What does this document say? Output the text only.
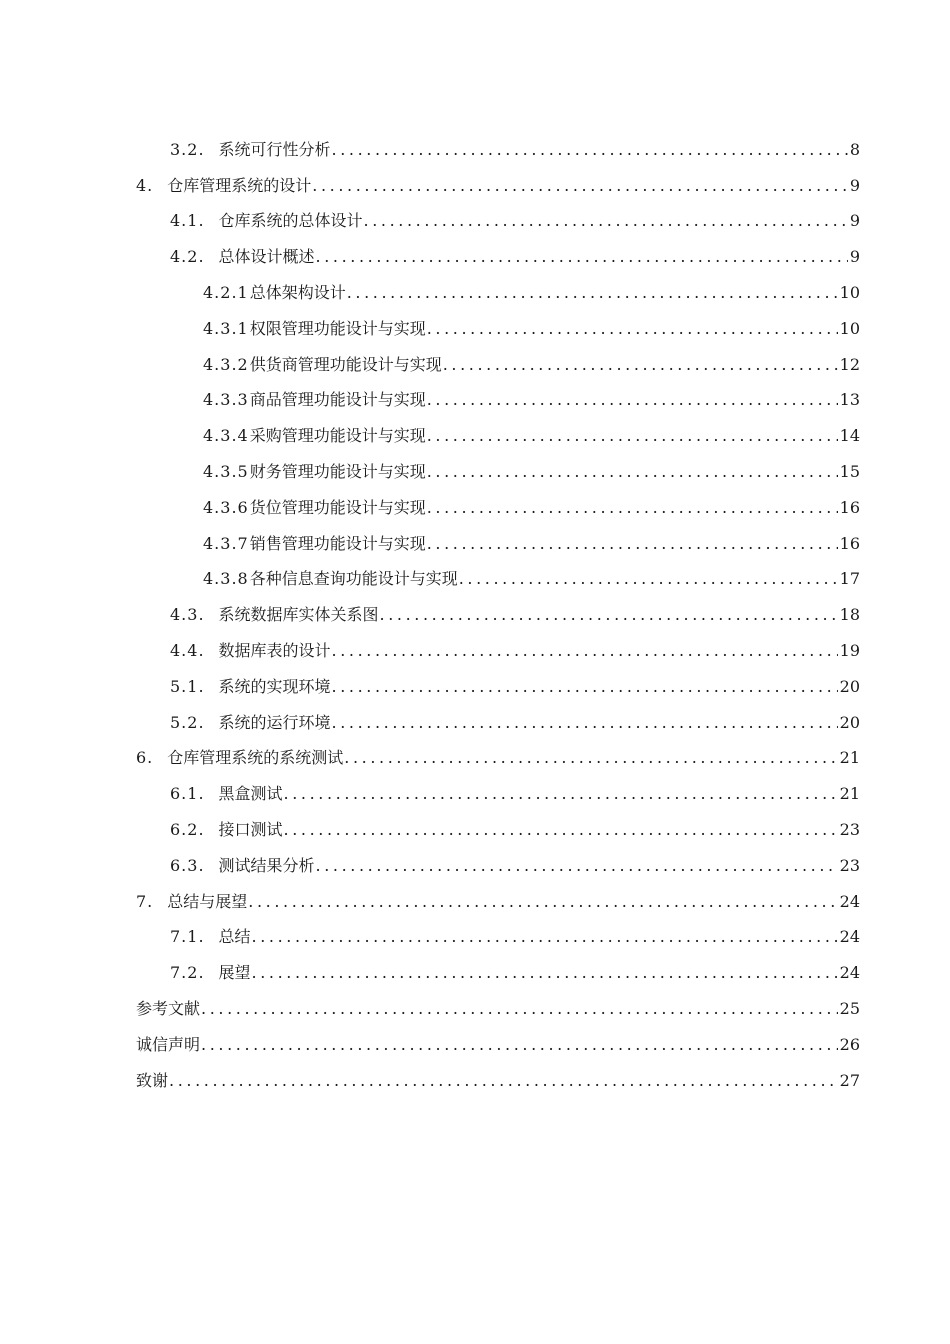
3.2. 系统可行性分析 .....	8
4. 仓库管理系统的设计 .....	9
4.1. 仓库系统的总体设计 .....	9
4.2. 总体设计概述 .....	9
4.2.1 总体架构设计 .....	10
4.3.1 权限管理功能设计与实现 .....	10
4.3.2 供货商管理功能设计与实现 .....	12
4.3.3 商品管理功能设计与实现 .....	13
4.3.4 采购管理功能设计与实现 .....	14
4.3.5 财务管理功能设计与实现 .....	15
4.3.6 货位管理功能设计与实现 .....	16
4.3.7 销售管理功能设计与实现 .....	16
4.3.8 各种信息查询功能设计与实现 .....	17
4.3. 系统数据库实体关系图 .....	18
4.4. 数据库表的设计 .....	19
5.1. 系统的实现环境 .....	20
5.2. 系统的运行环境 .....	20
6. 仓库管理系统的系统测试 .....	21
6.1. 黑盒测试 .....	21
6.2. 接口测试 .....	23
6.3. 测试结果分析 .....	23
7. 总结与展望 .....	24
7.1. 总结 .....	24
7.2. 展望 .....	24
参考文献 .....	25
诚信声明 .....	26
致谢 .....	27
